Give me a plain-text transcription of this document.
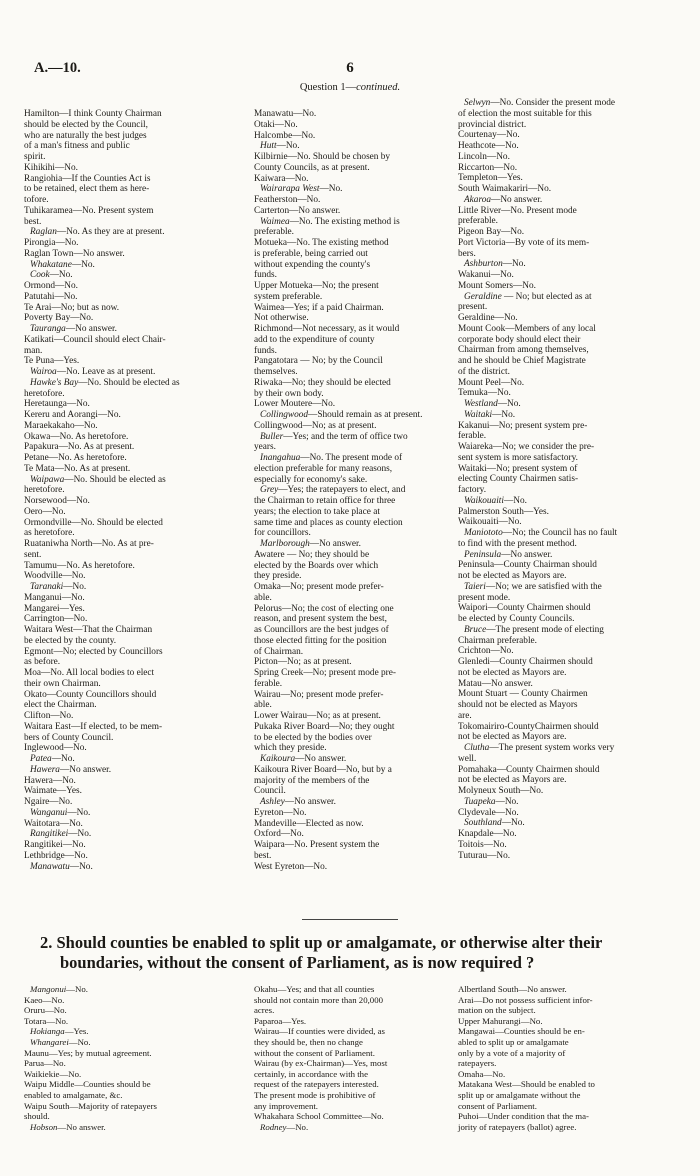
A.—10.	6
Question 1—continued.
Hamilton—I think County Chairman
should be elected by the Council,
who are naturally the best judges
of a man's fitness and public
spirit.
Kihikihi—No.
Rangiohia—If the Counties Act is
to be retained, elect them as here-
tofore.
Tuhikaramea—No. Present system
best.
Raglan—No. As they are at present.
Pirongia—No.
Raglan Town—No answer.
Whakatane—No.
Cook—No.
Ormond—No.
Patutahi—No.
Te Arai—No; but as now.
Poverty Bay—No.
Tauranga—No answer.
Katikati—Council should elect Chair-
man.
Te Puna—Yes.
Wairoa—No. Leave as at present.
Hawke's Bay—No. Should be elected as
heretofore.
Heretaunga—No.
Kereru and Aorangi—No.
Maraekakaho—No.
Okawa—No. As heretofore.
Papakura—No. As at present.
Petane—No. As heretofore.
Te Mata—No. As at present.
Waipawa—No. Should be elected as
heretofore.
Norsewood—No.
Oero—No.
Ormondville—No. Should be elected
as heretofore.
Ruataniwha North—No. As at pre-
sent.
Tamumu—No. As heretofore.
Woodville—No.
Taranaki—No.
Manganui—No.
Mangarei—Yes.
Carrington—No.
Waitara West—That the Chairman
be elected by the county.
Egmont—No; elected by Councillors
as before.
Moa—No. All local bodies to elect
their own Chairman.
Okato—County Councillors should
elect the Chairman.
Clifton—No.
Waitara East—If elected, to be mem-
bers of County Council.
Inglewood—No.
Patea—No.
Hawera—No answer.
Hawera—No.
Waimate—Yes.
Ngaire—No.
Wanganui—No.
Waitotara—No.
Rangitikei—No.
Rangitikei—No.
Lethbridge—No.
Manawatu—No.
Manawatu—No.
Otaki—No.
Halcombe—No.
Hutt—No.
Kilbirnie—No. Should be chosen by
County Councils, as at present.
Kaiwara—No.
Wairarapa West—No.
Featherston—No.
Carterton—No answer.
Waimea—No. The existing method is
preferable.
Motueka—No. The existing method
is preferable, being carried out
without expending the county's
funds.
Upper Motueka—No; the present
system preferable.
Waimea—Yes; if a paid Chairman.
Not otherwise.
Richmond—Not necessary, as it would
add to the expenditure of county
funds.
Pangatotara — No; by the Council
themselves.
Riwaka—No; they should be elected
by their own body.
Lower Moutere—No.
Collingwood—Should remain as at present.
Collingwood—No; as at present.
Buller—Yes; and the term of office two
years.
Inangahua—No. The present mode of
election preferable for many reasons,
especially for economy's sake.
Grey—Yes; the ratepayers to elect, and
the Chairman to retain office for three
years; the election to take place at
same time and places as county election
for councillors.
Marlborough—No answer.
Awatere — No; they should be
elected by the Boards over which
they preside.
Omaka—No; present mode prefer-
able.
Pelorus—No; the cost of electing one
reason, and present system the best,
as Councillors are the best judges of
those elected fitting for the position
of Chairman.
Picton—No; as at present.
Spring Creek—No; present mode pre-
ferable.
Wairau—No; present mode prefer-
able.
Lower Wairau—No; as at present.
Pukaka River Board—No; they ought
to be elected by the bodies over
which they preside.
Kaikoura—No answer.
Kaikoura River Board—No, but by a
majority of the members of the
Council.
Ashley—No answer.
Eyreton—No.
Mandeville—Elected as now.
Oxford—No.
Waipara—No. Present system the
best.
West Eyreton—No.
Selwyn—No. Consider the present mode
of election the most suitable for this
provincial district.
Courtenay—No.
Heathcote—No.
Lincoln—No.
Riccarton—No.
Templeton—Yes.
South Waimakariri—No.
Akaroa—No answer.
Little River—No. Present mode
preferable.
Pigeon Bay—No.
Port Victoria—By vote of its mem-
bers.
Ashburton—No.
Wakanui—No.
Mount Somers—No.
Geraldine — No; but elected as at
present.
Geraldine—No.
Mount Cook—Members of any local
corporate body should elect their
Chairman from among themselves,
and he should be Chief Magistrate
of the district.
Mount Peel—No.
Temuka—No.
Westland—No.
Waitaki—No.
Kakanui—No; present system pre-
ferable.
Waiareka—No; we consider the pre-
sent system is more satisfactory.
Waitaki—No; present system of
electing County Chairmen satis-
factory.
Waikouaiti—No.
Palmerston South—Yes.
Waikouaiti—No.
Maniototo—No; the Council has no fault
to find with the present method.
Peninsula—No answer.
Peninsula—County Chairman should
not be elected as Mayors are.
Taieri—No; we are satisfied with the
present mode.
Waipori—County Chairmen should
be elected by County Councils.
Bruce—The present mode of electing
Chairman preferable.
Crichton—No.
Glenledi—County Chairmen should
not be elected as Mayors are.
Matau—No answer.
Mount Stuart — County Chairmen
should not be elected as Mayors
are.
Tokomairiro-CountyChairmen should
not be elected as Mayors are.
Clutha—The present system works very
well.
Pomahaka—County Chairmen should
not be elected as Mayors are.
Molyneux South—No.
Tuapeka—No.
Clydevale—No.
Southland—No.
Knapdale—No.
Toitois—No.
Tuturau—No.
2. Should counties be enabled to split up or amalgamate, or otherwise alter their
boundaries, without the consent of Parliament, as is now required ?
Mangonui—No.
Kaeo—No.
Oruru—No.
Totara—No.
Hokianga—Yes.
Whangarei—No.
Maunu—Yes; by mutual agreement.
Parua—No.
Waikiekie—No.
Waipu Middle—Counties should be
enabled to amalgamate, &c.
Waipu South—Majority of ratepayers
should.
Hobson—No answer.
Okahu—Yes; and that all counties
should not contain more than 20,000
acres.
Paparoa—Yes.
Wairau—If counties were divided, as
they should be, then no change
without the consent of Parliament.
Wairau (by ex-Chairman)—Yes, most
certainly, in accordance with the
request of the ratepayers interested.
The present mode is prohibitive of
any improvement.
Whakahara School Committee—No.
Rodney—No.
Albertland South—No answer.
Arai—Do not possess sufficient infor-
mation on the subject.
Upper Mahurangi—No.
Mangawai—Counties should be en-
abled to split up or amalgamate
only by a vote of a majority of
ratepayers.
Omaha—No.
Matakana West—Should be enabled to
split up or amalgamate without the
consent of Parliament.
Puhoi—Under condition that the ma-
jority of ratepayers (ballot) agree.
